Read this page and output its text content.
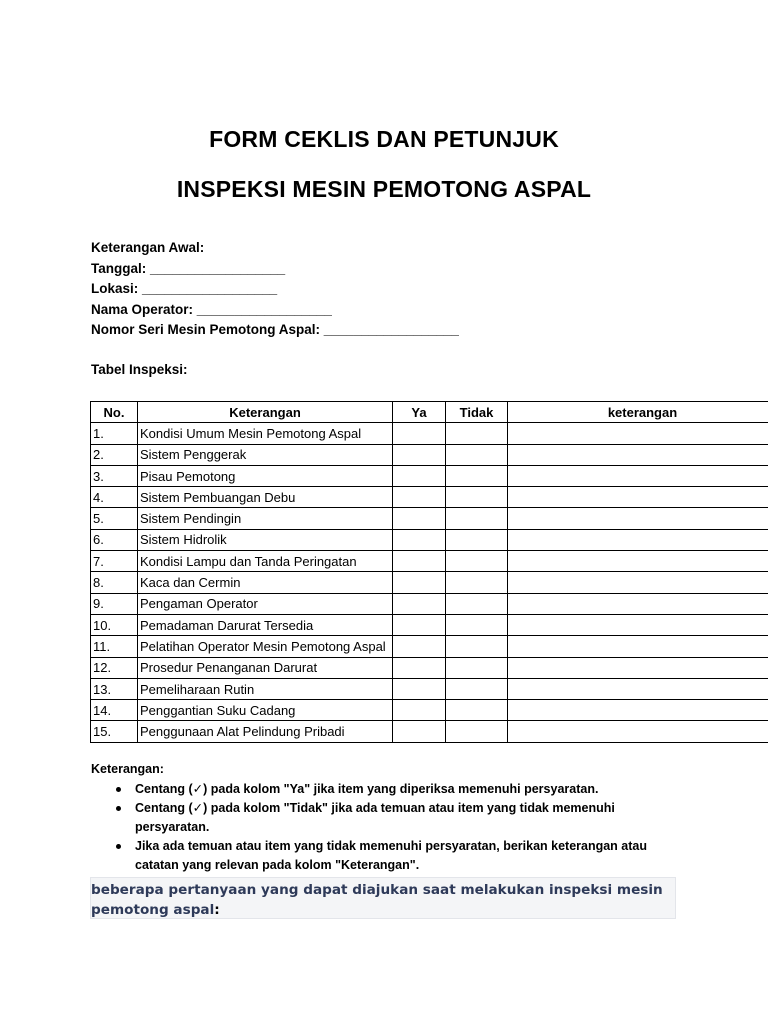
FORM CEKLIS DAN PETUNJUK
INSPEKSI MESIN PEMOTONG ASPAL
Keterangan Awal:
Tanggal: __________________
Lokasi: __________________
Nama Operator: __________________
Nomor Seri Mesin Pemotong Aspal: __________________
Tabel Inspeksi:
No.	Keterangan	Ya	Tidak	keterangan
1.	Kondisi Umum Mesin Pemotong Aspal			
2.	Sistem Penggerak			
3.	Pisau Pemotong			
4.	Sistem Pembuangan Debu			
5.	Sistem Pendingin			
6.	Sistem Hidrolik			
7.	Kondisi Lampu dan Tanda Peringatan			
8.	Kaca dan Cermin			
9.	Pengaman Operator			
10.	Pemadaman Darurat Tersedia			
11.	Pelatihan Operator Mesin Pemotong Aspal			
12.	Prosedur Penanganan Darurat			
13.	Pemeliharaan Rutin			
14.	Penggantian Suku Cadang			
15.	Penggunaan Alat Pelindung Pribadi			
Keterangan:
Centang (✓) pada kolom "Ya" jika item yang diperiksa memenuhi persyaratan.
Centang (✓) pada kolom "Tidak" jika ada temuan atau item yang tidak memenuhi persyaratan.
Jika ada temuan atau item yang tidak memenuhi persyaratan, berikan keterangan atau catatan yang relevan pada kolom "Keterangan".
beberapa pertanyaan yang dapat diajukan saat melakukan inspeksi mesin pemotong aspal:
